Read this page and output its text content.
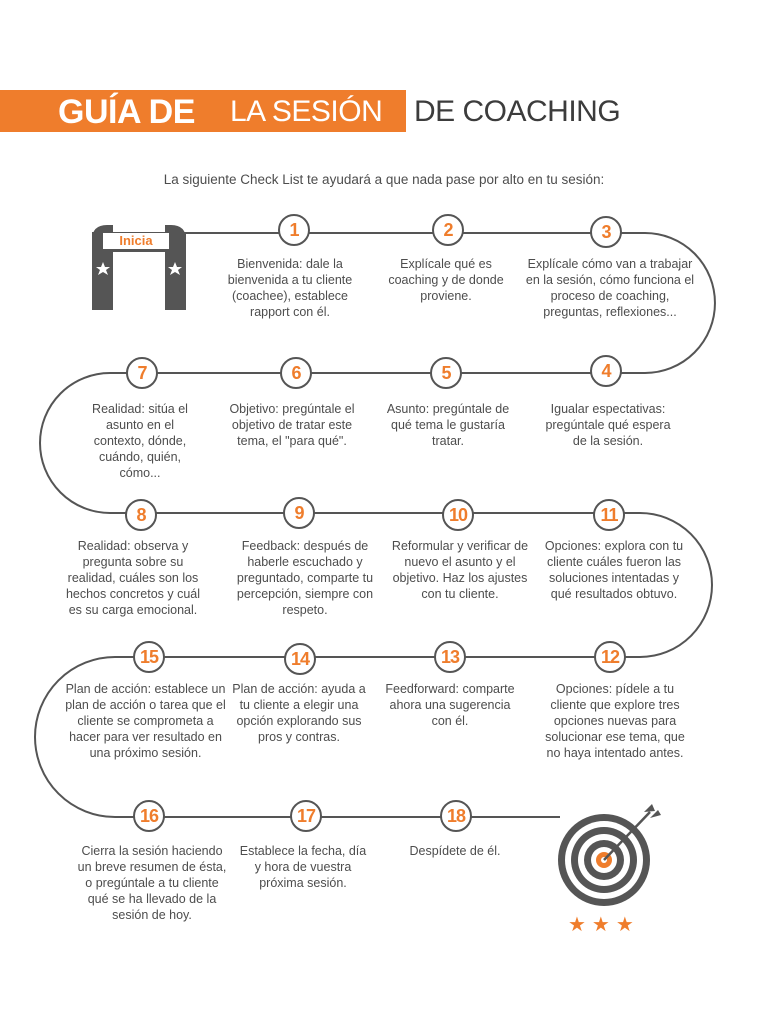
GUÍA DE LA SESIÓN DE COACHING
La siguiente Check List te ayudará a que nada pase por alto en tu sesión:
Inicia
1
Bienvenida: dale la bienvenida a tu cliente (coachee), establece rapport con él.
2
Explícale qué es coaching y de donde proviene.
3
Explícale cómo van a trabajar en la sesión, cómo funciona el proceso de coaching, preguntas, reflexiones...
7
Realidad: sitúa el asunto en el contexto, dónde, cuándo, quién, cómo...
6
Objetivo: pregúntale el objetivo de tratar este tema, el "para qué".
5
Asunto: pregúntale de qué tema le gustaría tratar.
4
Igualar espectativas: pregúntale qué espera de la sesión.
8
Realidad: observa y pregunta sobre su realidad, cuáles son los hechos concretos y cuál es su carga emocional.
9
Feedback: después de haberle escuchado y preguntado, comparte tu percepción, siempre con respeto.
10
Reformular y verificar de nuevo el asunto y el objetivo. Haz los ajustes con tu cliente.
11
Opciones: explora con tu cliente cuáles fueron las soluciones intentadas y qué resultados obtuvo.
15
Plan de acción: establece un plan de acción o tarea que el cliente se comprometa a hacer para ver resultado en una próximo sesión.
14
Plan de acción: ayuda a tu cliente a elegir una opción explorando sus pros y contras.
13
Feedforward: comparte ahora una sugerencia con él.
12
Opciones: pídele a tu cliente que explore tres opciones nuevas para solucionar ese tema, que no haya intentado antes.
16
Cierra la sesión haciendo un breve resumen de ésta, o pregúntale a tu cliente qué se ha llevado de la sesión de hoy.
17
Establece la fecha, día y hora de vuestra próxima sesión.
18
Despídete de él.
★★★
